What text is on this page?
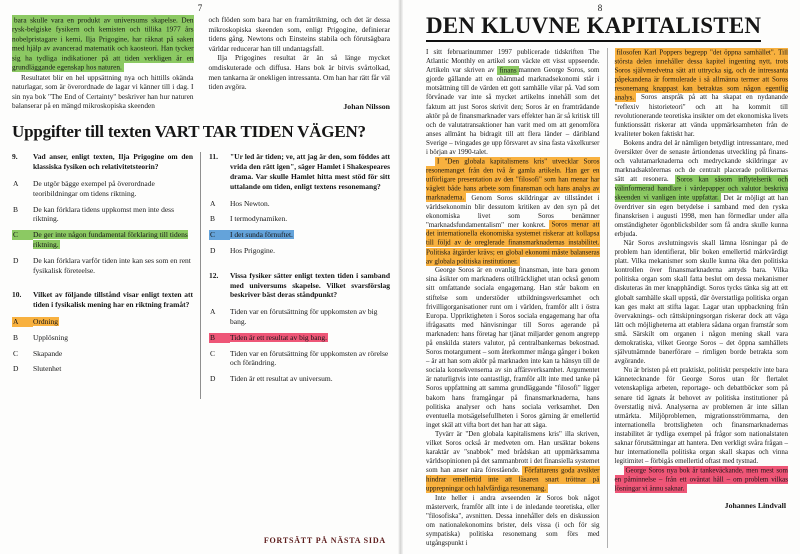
7

bara skulle vara en produkt av universums skapelse. Den rysk-belgiske fysikern och kemisten och tillika 1977 års nobelpristagare i kemi, Ilja Prigogine, har räknat på saken med hjälp av avancerad matematik och kaosteori. Han tycker sig ha tydliga indikationer på att tiden verkligen är en grundläggande egenskap hos naturen.

Resultatet blir en hel uppsättning nya och hittills okända naturlagar, som är överordnade de lagar vi känner till i dag. I sin nya bok "The End of Certainty" beskriver han hur naturen balanserar på en mängd mikroskopiska skeenden

och flöden som bara har en framåtriktning, och det är dessa mikroskopiska skeenden som, enligt Prigogine, definierar tidens gång. Newtons och Einsteins stabila och förutsägbara världar reducerar han till undantagsfall.

Ilja Prigogines resultat är än så länge mycket omdiskuterade och diffusa. Hans bok är bitvis svårtolkad, men tankarna är onekligen intressanta. Om han har rätt får väl tiden avgöra.

Johan Nilsson
Uppgifter till texten VART TAR TIDEN VÄGEN?
9.	Vad anser, enligt texten, Ilja Prigogine om den klassiska fysiken och relativitetsteorin?
A	De utgör bägge exempel på överordnade teoribildningar om tidens riktning.
B	De kan förklara tidens uppkomst men inte dess riktning.
C	De ger inte någon fundamental förklaring till tidens riktning.
D	De kan förklara varför tiden inte kan ses som en rent fysikalisk företeelse.
10.	Vilket av följande tillstånd visar enligt texten att tiden i fysikalisk mening har en riktning framåt?
A	Ordning
B	Upplösning
C	Skapande
D	Slutenhet
11.	"Ur led är tiden; ve, att jag är den, som föddes att vrida den rätt igen", säger Hamlet i Shakespeares drama. Var skulle Hamlet hitta mest stöd för sitt uttalande om tiden, enligt textens resonemang?
A	Hos Newton.
B	I termodynamiken.
C	I det sunda förnuftet.
D	Hos Prigogine.
12.	Vissa fysiker sätter enligt texten tiden i samband med universums skapelse. Vilket svarsförslag beskriver bäst deras ståndpunkt?
A	Tiden var en förutsättning för uppkomsten av big bang.
B	Tiden är ett resultat av big bang.
C	Tiden var en förutsättning för uppkomsten av rörelse och förändring.
D	Tiden är ett resultat av universum.
FORTSÄTT PÅ NÄSTA SIDA
8
DEN KLUVNE KAPITALISTEN

I sitt februarinummer 1997 publicerade tidskriften The Atlantic Monthly en artikel som väckte ett visst uppseende. Artikeln var skriven av finans mannen George Soros, som gjorde gällande att en ohämmad marknadsekonomi står i motsättning till de värden ett gott samhälle vilar på. Vad som förvånade var inte så mycket artikelns innehåll som det faktum att just Soros skrivit den; Soros är en framträdande aktör på de finansmarknader vars effekter han är så kritisk till och de valutatransaktioner han varit med om att genomföra anses allmänt ha bidragit till att flera länder – däribland Sverige – tvingades ge upp försvaret av sina fasta växelkurser i början av 1990-talet.

I "Den globala kapitalismens kris" utvecklar Soros resonemanget från den två år gamla artikeln. Han ger en utförligare presentation av den "filosofi" som han menar har väglett både hans arbete som finansman och hans analys av marknaderna. Genom Soros skildringar av tillståndet i världsekonomin blir dessutom kritiken av den syn på det ekonomiska livet som Soros benämner "marknadsfundamentalism" mer konkret. Soros menar att det internationella ekonomiska systemet riskerar att kollapsa till följd av de oreglerade finansmarknadernas instabilitet. Politiska åtgärder krävs; en global ekonomi måste balanseras av globala politiska institutioner.

George Soros är en ovanlig finansman, inte bara genom sina åsikter om marknadens otillräcklighet utan också genom sitt omfattande sociala engagemang. Han står bakom en stiftelse som understöder utbildningsverksamhet och frivilligorganisationer runt om i världen, framför allt i östra Europa. Uppriktigheten i Soros sociala engagemang har ofta ifrågasatts med hänvisningar till Soros agerande på marknaden: hans företag har tjänat miljarder genom angrepp på enskilda staters valutor, på centralbankernas bekostnad. Soros motargument – som återkommer många gånger i boken – är att han som aktör på marknaden inte kan ta hänsyn till de sociala konsekvenserna av sin affärsverksamhet. Argumentet är naturligtvis inte oantastligt, framför allt inte med tanke på Soros uppfattning att samma grundläggande "filosofi" ligger bakom hans framgångar på finansmarknaderna, hans politiska analyser och hans sociala verksamhet. Den eventuella motsägelsefullheten i Soros gärning är emellertid inget skäl att vifta bort det han har att säga.

Tyvärr är "Den globala kapitalismens kris" illa skriven, vilket Soros också är medveten om. Han ursäktar bokens karaktär av "snabbok" med brådskan att uppmärksamma världsopinionen på det sammanbrott i det finansiella systemet som han anser nära förestående. Författarens goda avsikter hindrar emellertid inte att läsaren snart tröttnar på upprepningar och halvfärdiga resonemang.

Inte heller i andra avseenden är Soros bok något mästerverk, framför allt inte i de inledande teoretiska, eller "filosofiska", avsnitten. Dessa innehåller dels en diskussion om nationalekonomins brister, dels vissa (i och för sig sympatiska) politiska resonemang som förs med utgångspunkt i

filosofen Karl Poppers begrepp "det öppna samhället". Till största delen innehåller dessa kapitel ingenting nytt, trots Soros självmedvetna sätt att uttrycka sig, och de intressanta påpekandena är formulerade i så allmänna termer att Soros resonemang knappast kan betraktas som någon egentlig analys. Soros anspråk på att ha skapat en nydanande "reflexiv historieteori" och att ha kommit till revolutionerande teoretiska insikter om det ekonomiska livets funktionssätt riskerar att vända uppmärksamheten från de kvaliteter boken faktiskt har.

Bokens andra del är nämligen betydligt intressantare, med översikter över de senaste årtiondenas utveckling på finans- och valutamarknaderna och medryckande skildringar av marknadsaktörernas och de centralt placerade politikernas sätt att resonera. Soros kan såsom inflytelserik och välinformerad handlare i värdepapper och valutor beskriva skeenden vi vanligen inte uppfattar. Det är möjligt att han överdriver sin egen betydelse i samband med den ryska finanskrisen i augusti 1998, men han förmedlar under alla omständigheter ögonblicksbilder som få andra skulle kunna erbjuda.

När Soros avslutningsvis skall lämna lösningar på de problem han identifierat, blir boken emellertid märkvärdigt platt. Vilka mekanismer som skulle kunna öka den politiska kontrollen över finansmarknaderna antyds bara. Vilka politiska organ som skall fatta beslut om dessa mekanismer diskuteras än mer knapphändigt. Soros tycks tänka sig att ett globalt samhälle skall uppstå, där överstatliga politiska organ kan ges makt att stifta lagar. Lagar utan uppbackning från övervaknings- och rättskipningsorgan riskerar dock att väga lätt och möjligheterna att etablera sådana organ framstår som små. Särskilt om organen i någon mening skall vara demokratiska, vilket George Soros – det öppna samhällets självutnämnde banerförare – rimligen borde betrakta som avgörande.

Nu är bristen på ett praktiskt, politiskt perspektiv inte bara kännetecknande för George Soros utan för flertalet vetenskapliga arbeten, reportage- och debattböcker som på senare tid ägnats åt behovet av politiska institutioner på överstatlig nivå. Analyserna av problemen är inte sällan utmärkta. Miljöproblemen, migrationsströmmarna, den internationella brottsligheten och finansmarknadernas instabilitet är tydliga exempel på frågor som nationalstaten saknar förutsättningar att hantera. Den verkligt svåra frågan – hur internationella politiska organ skall skapas och vinna legitimitet – förbigås emellertid oftast med tystnad.

George Soros nya bok är tankeväckande, men mest som en påminnelse – från ett oväntat håll – om problem vilkas lösningar vi ännu saknar.

Johannes Lindvall
